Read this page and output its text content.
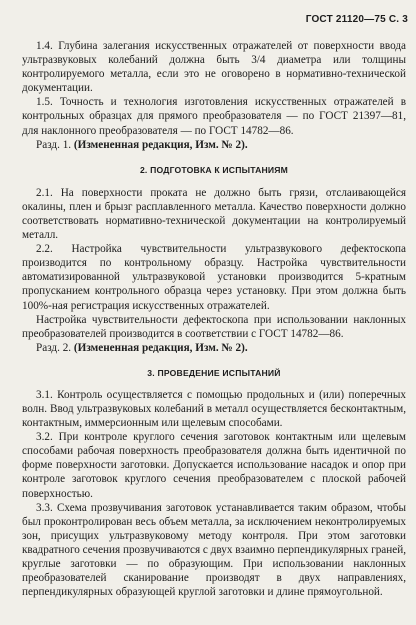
ГОСТ 21120—75 С. 3

1.4. Глубина залегания искусственных отражателей от поверхности ввода ультразвуковых колебаний должна быть 3/4 диаметра или толщины контролируемого металла, если это не оговорено в нормативно-технической документации.

1.5. Точность и технология изготовления искусственных отражателей в контрольных образцах для прямого преобразователя — по ГОСТ 21397—81, для наклонного преобразователя — по ГОСТ 14782—86.

Разд. 1. (Измененная редакция, Изм. № 2).

2. ПОДГОТОВКА К ИСПЫТАНИЯМ

2.1. На поверхности проката не должно быть грязи, отслаивающейся окалины, плен и брызг расплавленного металла. Качество поверхности должно соответствовать нормативно-технической документации на контролируемый металл.

2.2. Настройка чувствительности ультразвукового дефектоскопа производится по контрольному образцу. Настройка чувствительности автоматизированной ультразвуковой установки производится 5-кратным пропусканием контрольного образца через установку. При этом должна быть 100%-ная регистрация искусственных отражателей.

Настройка чувствительности дефектоскопа при использовании наклонных преобразователей производится в соответствии с ГОСТ 14782—86.

Разд. 2. (Измененная редакция, Изм. № 2).

3. ПРОВЕДЕНИЕ ИСПЫТАНИЙ

3.1. Контроль осуществляется с помощью продольных и (или) поперечных волн. Ввод ультразвуковых колебаний в металл осуществляется бесконтактным, контактным, иммерсионным или щелевым способами.

3.2. При контроле круглого сечения заготовок контактным или щелевым способами рабочая поверхность преобразователя должна быть идентичной по форме поверхности заготовки. Допускается использование насадок и опор при контроле заготовок круглого сечения преобразователем с плоской рабочей поверхностью.

3.3. Схема прозвучивания заготовок устанавливается таким образом, чтобы был проконтролирован весь объем металла, за исключением неконтролируемых зон, присущих ультразвуковому методу контроля. При этом заготовки квадратного сечения прозвучиваются с двух взаимно перпендикулярных граней, круглые заготовки — по образующим. При использовании наклонных преобразователей сканирование производят в двух направлениях, перпендикулярных образующей круглой заготовки и длине прямоугольной.
